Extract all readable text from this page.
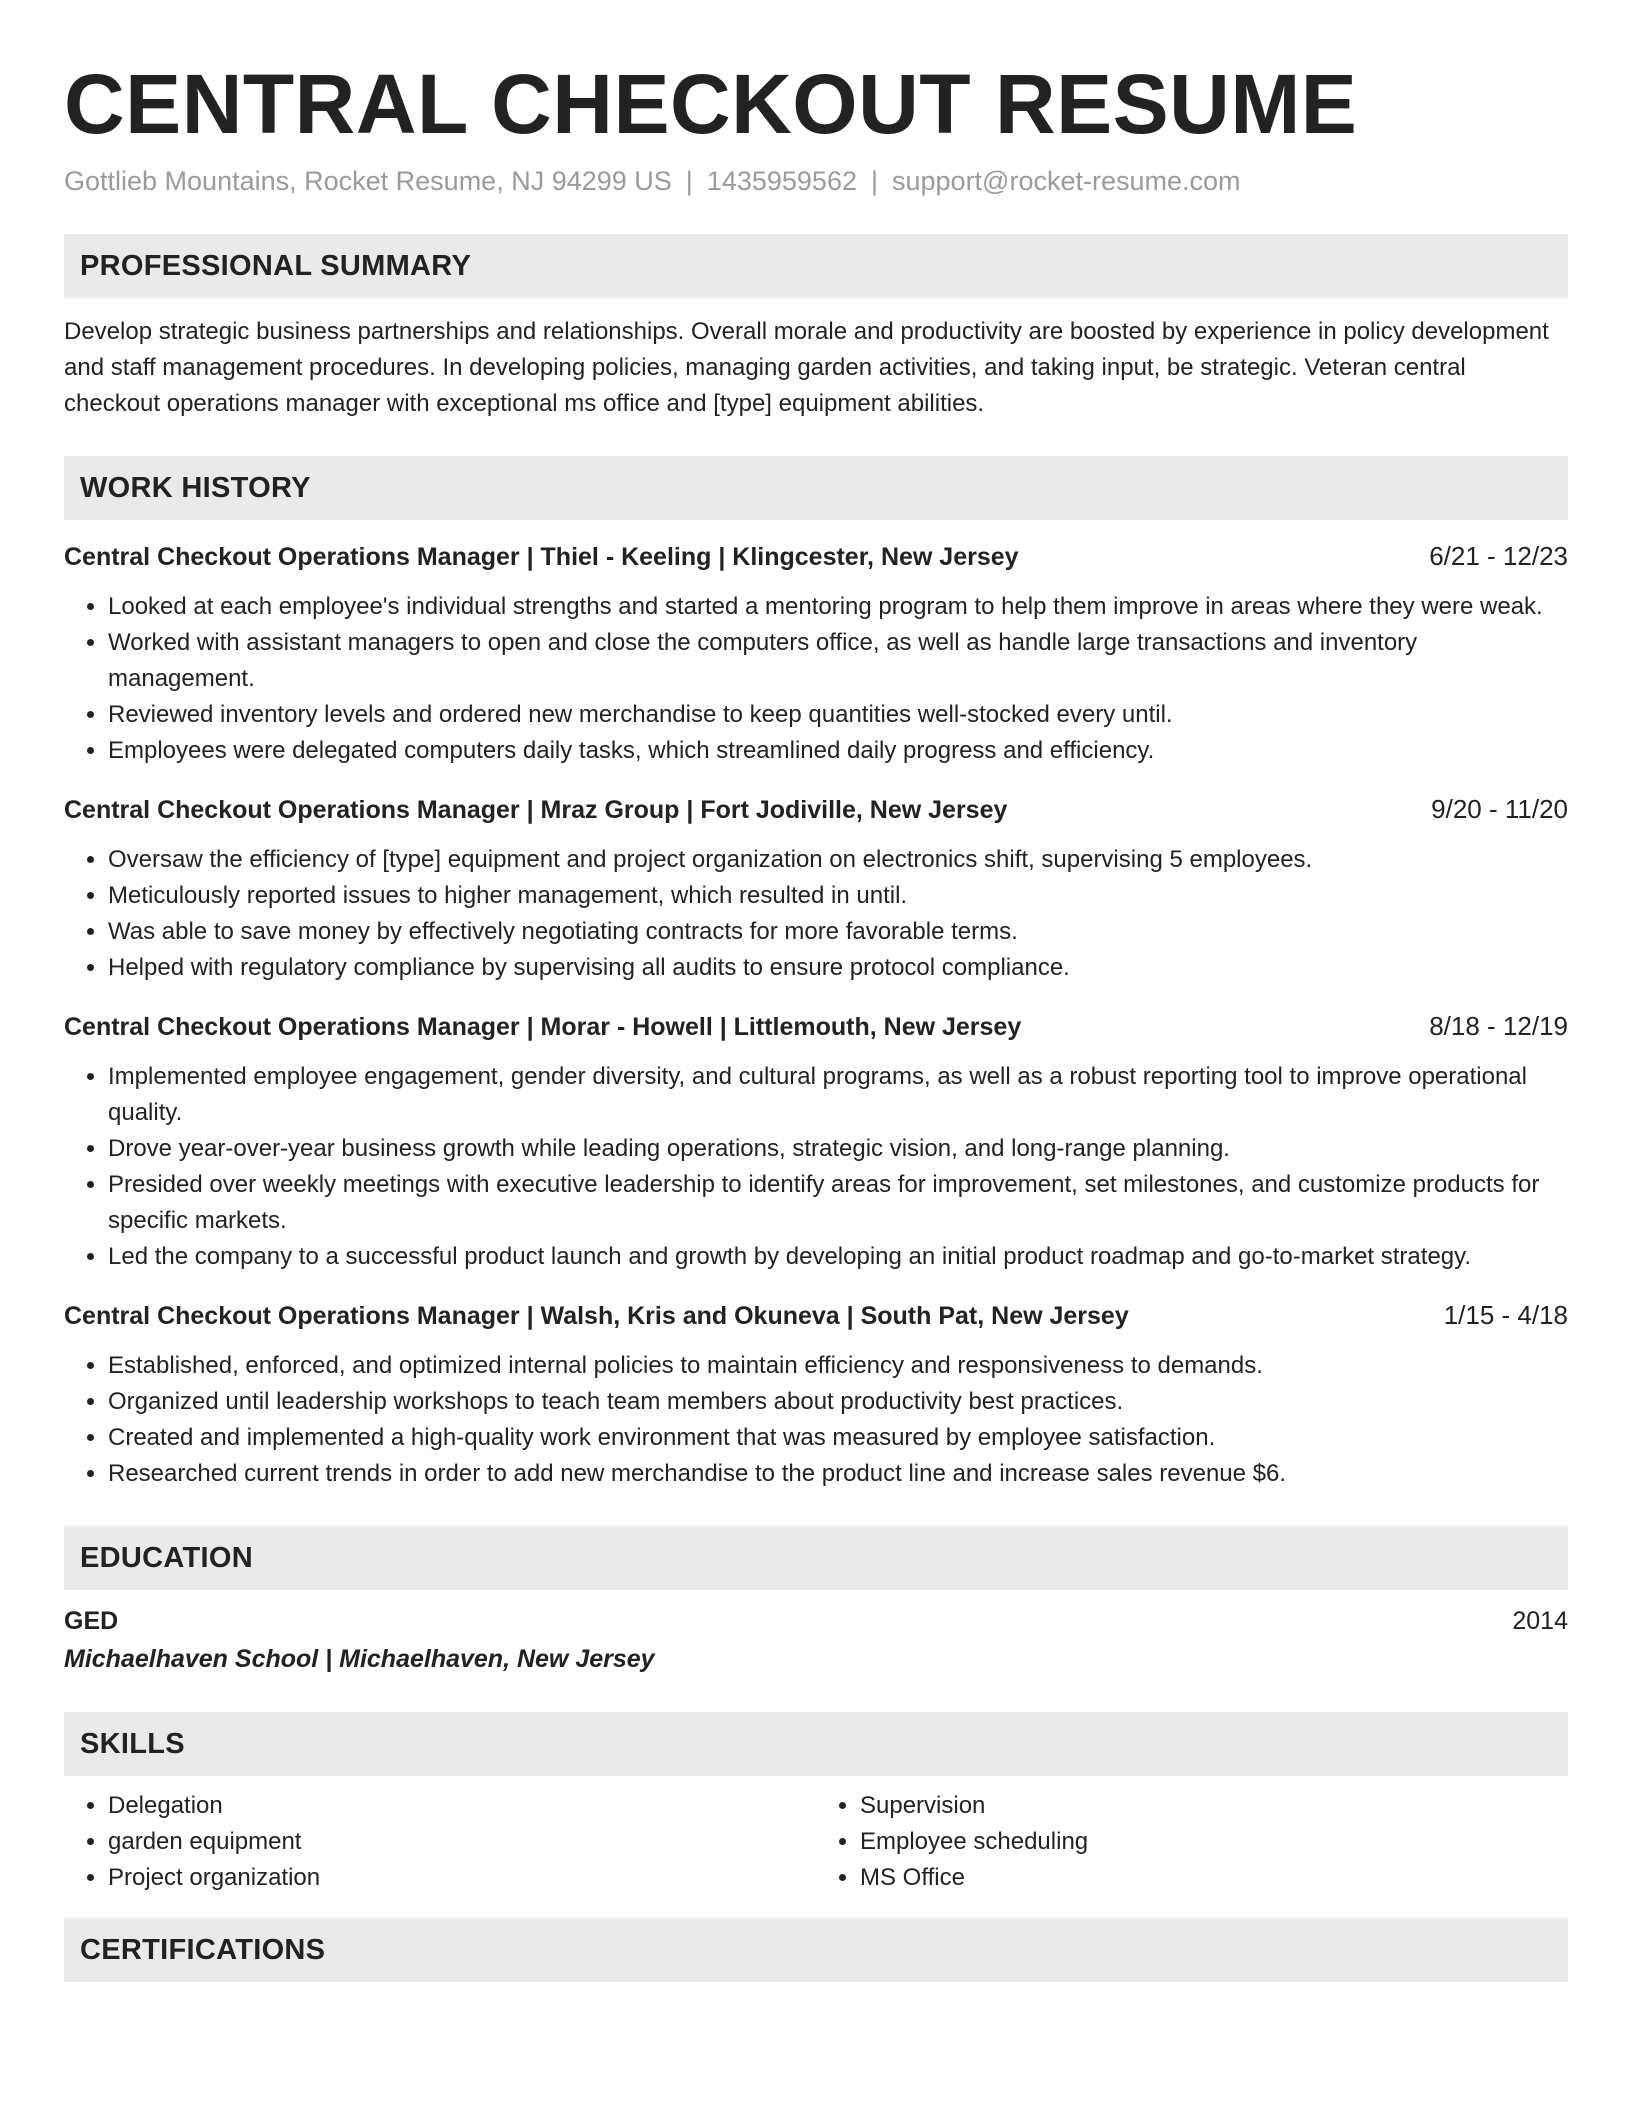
CENTRAL CHECKOUT RESUME
Gottlieb Mountains, Rocket Resume, NJ 94299 US | 1435959562 | support@rocket-resume.com
PROFESSIONAL SUMMARY
Develop strategic business partnerships and relationships. Overall morale and productivity are boosted by experience in policy development and staff management procedures. In developing policies, managing garden activities, and taking input, be strategic. Veteran central checkout operations manager with exceptional ms office and [type] equipment abilities.
WORK HISTORY
Central Checkout Operations Manager | Thiel - Keeling | Klingcester, New Jersey	6/21 - 12/23
• Looked at each employee's individual strengths and started a mentoring program to help them improve in areas where they were weak.
• Worked with assistant managers to open and close the computers office, as well as handle large transactions and inventory management.
• Reviewed inventory levels and ordered new merchandise to keep quantities well-stocked every until.
• Employees were delegated computers daily tasks, which streamlined daily progress and efficiency.
Central Checkout Operations Manager | Mraz Group | Fort Jodiville, New Jersey	9/20 - 11/20
• Oversaw the efficiency of [type] equipment and project organization on electronics shift, supervising 5 employees.
• Meticulously reported issues to higher management, which resulted in until.
• Was able to save money by effectively negotiating contracts for more favorable terms.
• Helped with regulatory compliance by supervising all audits to ensure protocol compliance.
Central Checkout Operations Manager | Morar - Howell | Littlemouth, New Jersey	8/18 - 12/19
• Implemented employee engagement, gender diversity, and cultural programs, as well as a robust reporting tool to improve operational quality.
• Drove year-over-year business growth while leading operations, strategic vision, and long-range planning.
• Presided over weekly meetings with executive leadership to identify areas for improvement, set milestones, and customize products for specific markets.
• Led the company to a successful product launch and growth by developing an initial product roadmap and go-to-market strategy.
Central Checkout Operations Manager | Walsh, Kris and Okuneva | South Pat, New Jersey	1/15 - 4/18
• Established, enforced, and optimized internal policies to maintain efficiency and responsiveness to demands.
• Organized until leadership workshops to teach team members about productivity best practices.
• Created and implemented a high-quality work environment that was measured by employee satisfaction.
• Researched current trends in order to add new merchandise to the product line and increase sales revenue $6.
EDUCATION
GED	2014
Michaelhaven School | Michaelhaven, New Jersey
SKILLS
• Delegation
• garden equipment
• Project organization
• Supervision
• Employee scheduling
• MS Office
CERTIFICATIONS
